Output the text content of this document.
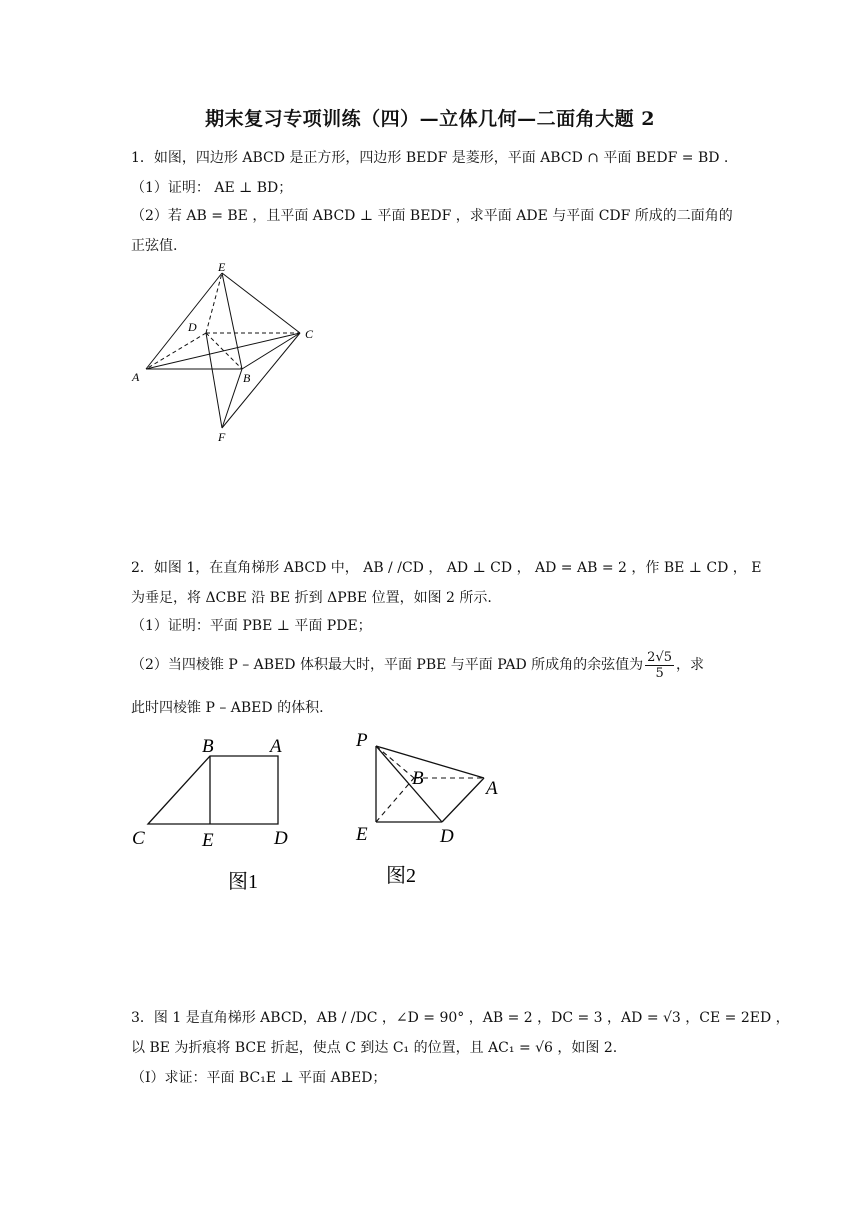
期末复习专项训练（四）—立体几何—二面角大题 2
1．如图，四边形 ABCD 是正方形，四边形 BEDF 是菱形，平面 ABCD ∩ 平面 BEDF = BD .
（1）证明： AE ⊥ BD；
（2）若 AB = BE ，且平面 ABCD ⊥ 平面 BEDF ，求平面 ADE 与平面 CDF 所成的二面角的
正弦值.
E
D	C
A	B
F
2．如图 1，在直角梯形 ABCD 中， AB / /CD ， AD ⊥ CD ， AD = AB = 2 ，作 BE ⊥ CD ， E
为垂足，将 ΔCBE 沿 BE 折到 ΔPBE 位置，如图 2 所示.
（1）证明：平面 PBE ⊥ 平面 PDE；
（2）当四棱锥 P – ABED 体积最大时，平面 PBE 与平面 PAD 所成角的余弦值为 $\frac{2√5}{5}$ ，求
此时四棱锥 P – ABED 的体积.
B	A
C	E	D
图1
P
B	A
E	D
图2
3．图 1 是直角梯形 ABCD，AB / /DC ，∠D = 90° ，AB = 2 ，DC = 3 ，AD = √3 ，CE = 2ED ，
以 BE 为折痕将 BCE 折起，使点 C 到达 C₁ 的位置，且 AC₁ = √6 ，如图 2.
（Ⅰ）求证：平面 BC₁E ⊥ 平面 ABED；
